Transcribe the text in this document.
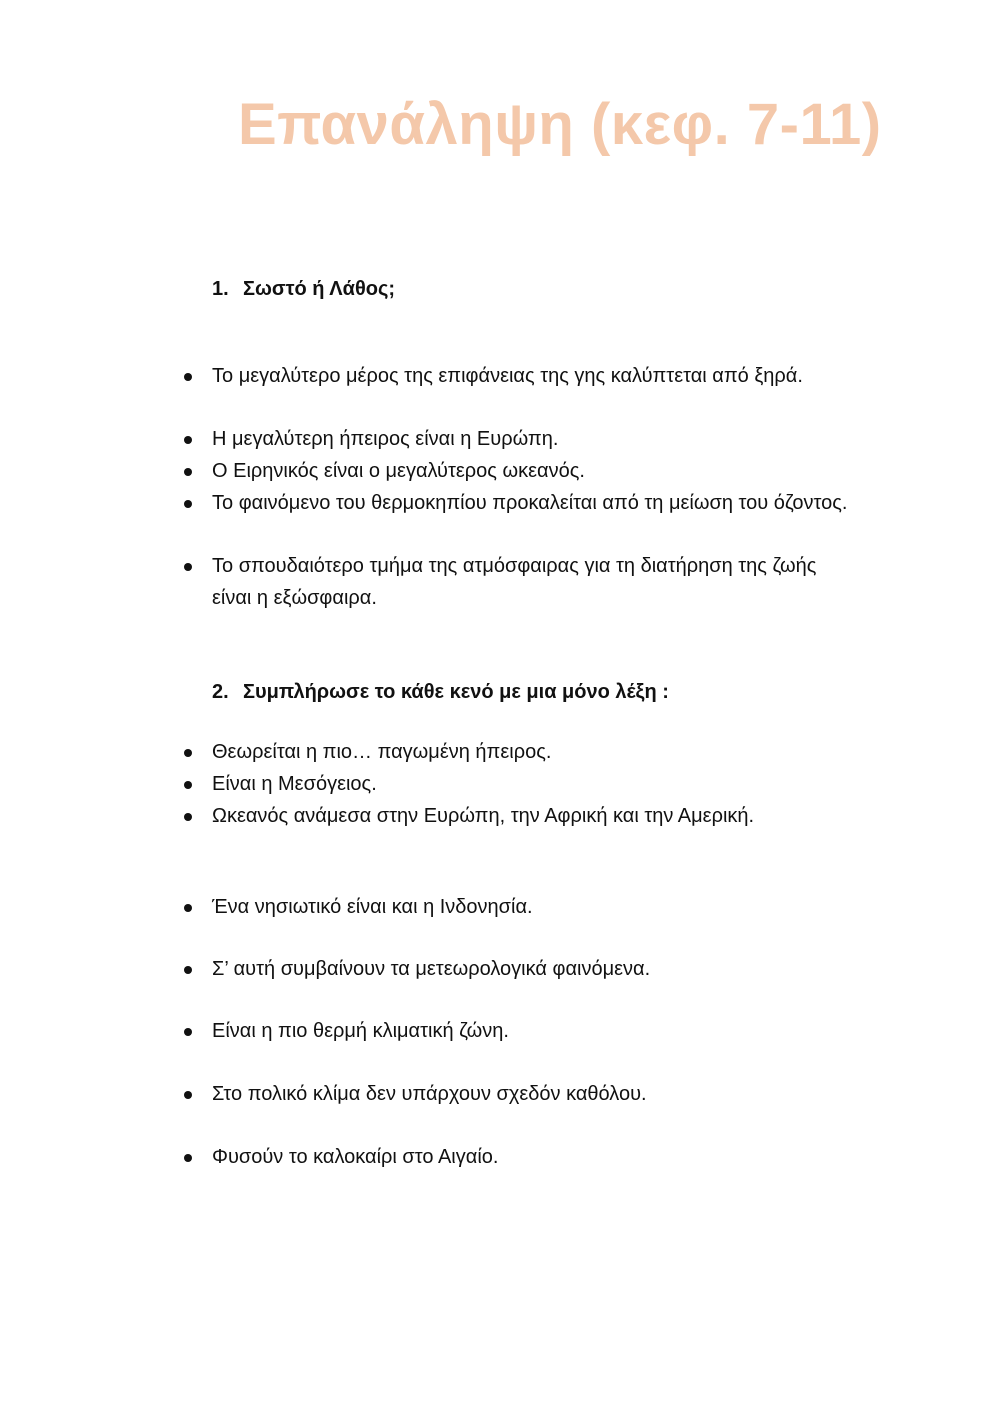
Επανάληψη (κεφ. 7-11)
1. Σωστό ή Λάθος;
Το μεγαλύτερο μέρος της επιφάνειας της γης καλύπτεται από ξηρά.
Η μεγαλύτερη ήπειρος είναι η Ευρώπη.
Ο Ειρηνικός είναι ο μεγαλύτερος ωκεανός.
Το φαινόμενο του θερμοκηπίου προκαλείται από τη μείωση του όζοντος.
Το σπουδαιότερο τμήμα της ατμόσφαιρας για τη διατήρηση της ζωής είναι η εξώσφαιρα.
2. Συμπλήρωσε το κάθε κενό με μια μόνο λέξη :
Θεωρείται η πιο… παγωμένη ήπειρος.
Είναι η Μεσόγειος.
Ωκεανός ανάμεσα στην Ευρώπη, την Αφρική και την Αμερική.
Ένα νησιωτικό είναι και η Ινδονησία.
Σ’ αυτή συμβαίνουν τα μετεωρολογικά φαινόμενα.
Είναι η πιο θερμή κλιματική ζώνη.
Στο πολικό κλίμα δεν υπάρχουν σχεδόν καθόλου.
Φυσούν το καλοκαίρι στο Αιγαίο.
